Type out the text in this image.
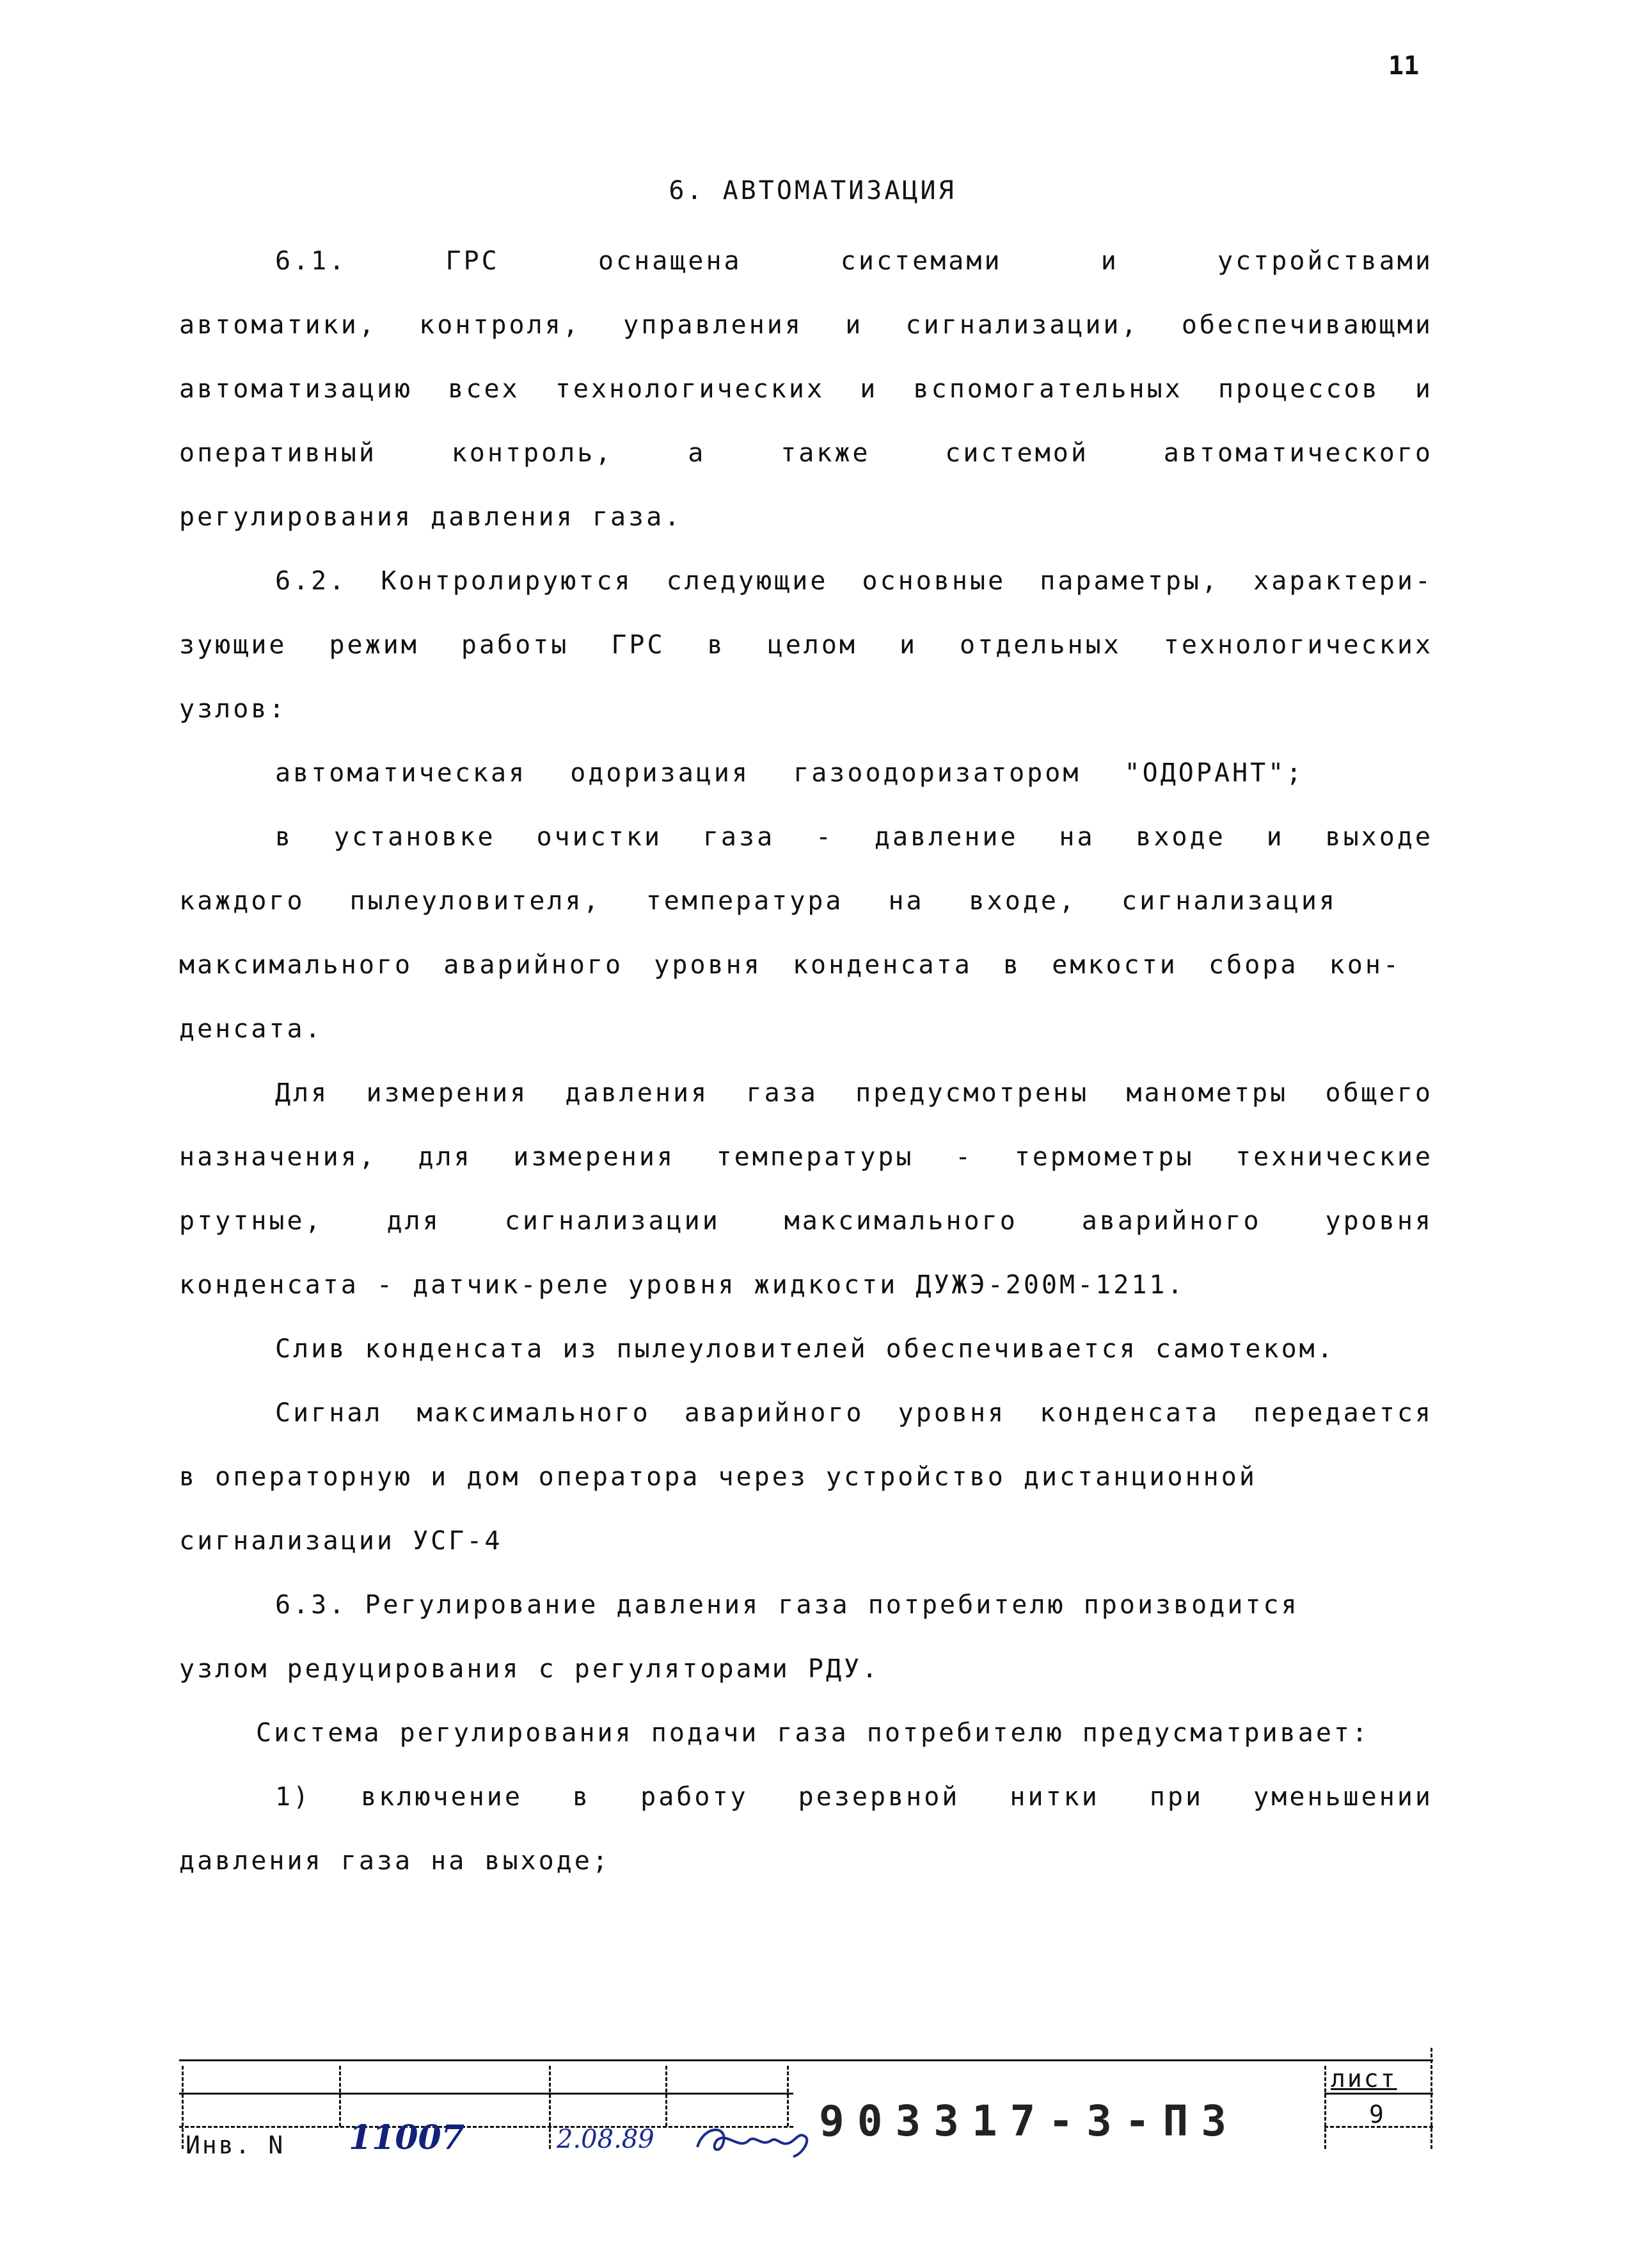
11
6. АВТОМАТИЗАЦИЯ
6.1. ГРС оснащена системами и устройствами
автоматики, контроля, управления и сигнализации, обеспечивающми
автоматизацию всех технологических и вспомогательных процессов и
оперативный контроль, а также системой автоматического
регулирования давления газа.
6.2. Контролируются следующие основные параметры, характери-
зующие режим работы ГРС в целом и отдельных технологических
узлов:
автоматическая одоризация газоодоризатором "ОДОРАНТ";
в установке очистки газа - давление на входе и выходе
каждого пылеуловителя, температура на входе, сигнализация
максимального аварийного уровня конденсата в емкости сбора кон-
денсата.
Для измерения давления газа предусмотрены манометры общего
назначения, для измерения температуры - термометры технические
ртутные, для сигнализации максимального аварийного уровня
конденсата - датчик-реле уровня жидкости ДУЖЭ-200М-1211.
Слив конденсата из пылеуловителей обеспечивается самотеком.
Сигнал максимального аварийного уровня конденсата передается
в операторную и дом оператора через устройство дистанционной
сигнализации УСГ-4
6.3. Регулирование давления газа потребителю производится
узлом редуцирования с регуляторами РДУ.
Система регулирования подачи газа потребителю предусматривает:
1) включение в работу резервной нитки при уменьшении
давления газа на выходе;
Инв. N 11007	2.08.89	903317-3-ПЗ
лист
9
